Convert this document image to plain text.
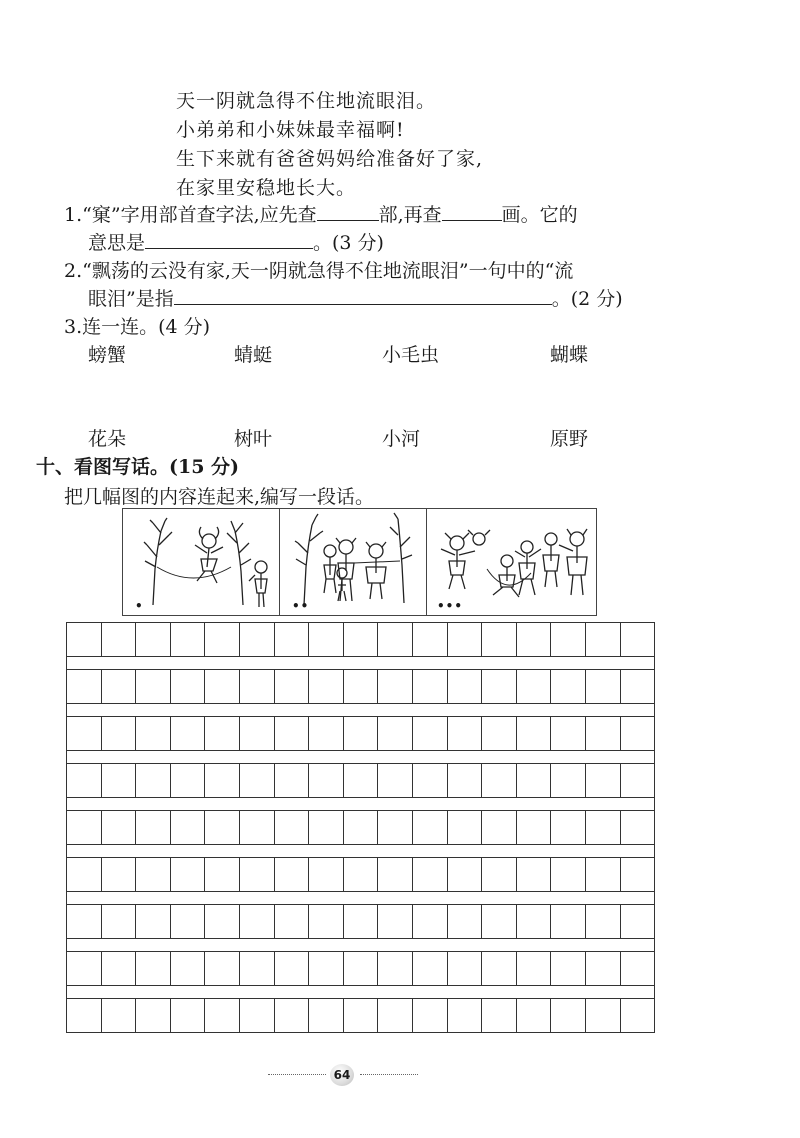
天一阴就急得不住地流眼泪。
小弟弟和小妹妹最幸福啊!
生下来就有爸爸妈妈给准备好了家,
在家里安稳地长大。
1.“窠”字用部首查字法,应先查	部,再查	画。它的
意思是	。(3 分)
2.“飘荡的云没有家,天一阴就急得不住地流眼泪”一句中的“流
眼泪”是指	。(2 分)
3.连一连。(4 分)
螃蟹	蜻蜓	小毛虫	蝴蝶
花朵	树叶	小河	原野
十、看图写话。(15 分)
把几幅图的内容连起来,编写一段话。
•	••	•••
64
